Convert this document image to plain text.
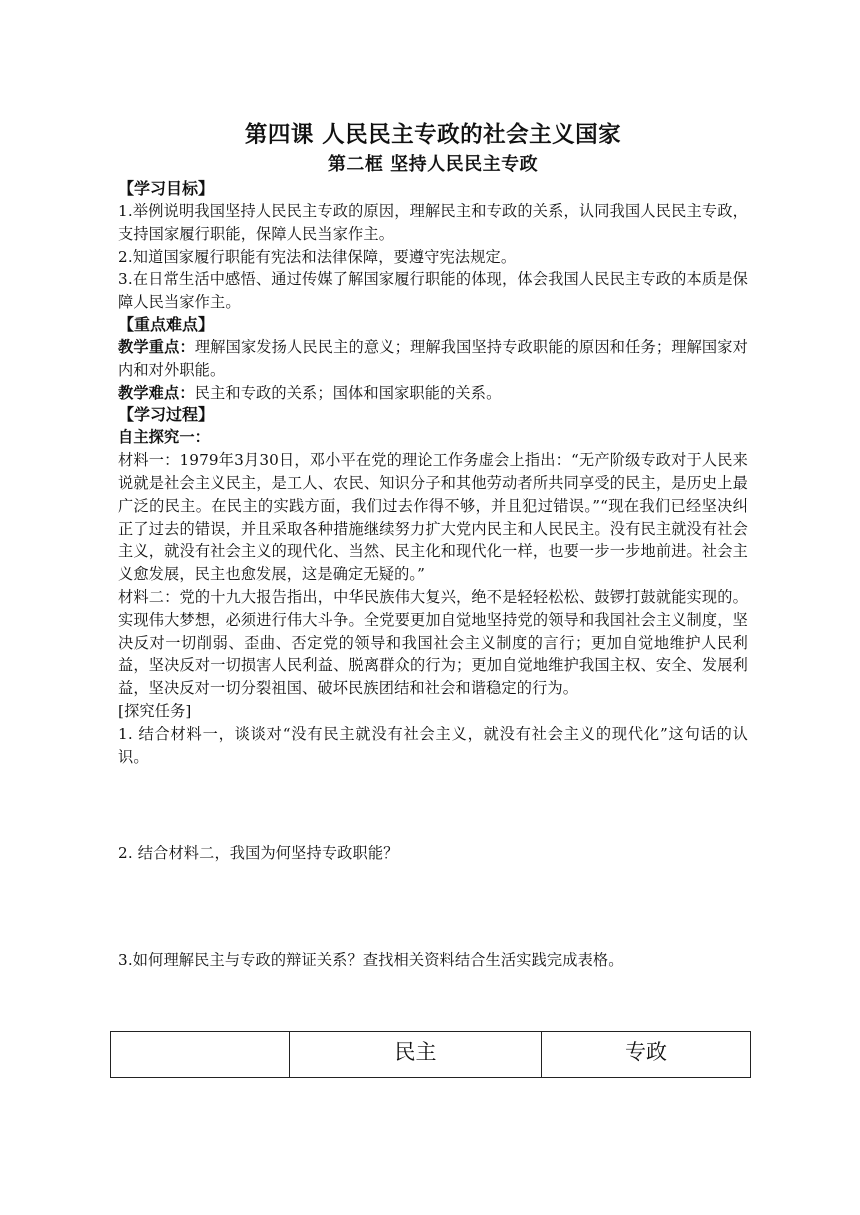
第四课 人民民主专政的社会主义国家
第二框 坚持人民民主专政

【学习目标】

1.举例说明我国坚持人民民主专政的原因，理解民主和专政的关系，认同我国人民民主专政，支持国家履行职能，保障人民当家作主。

2.知道国家履行职能有宪法和法律保障，要遵守宪法规定。

3.在日常生活中感悟、通过传媒了解国家履行职能的体现，体会我国人民民主专政的本质是保障人民当家作主。

【重点难点】

教学重点：理解国家发扬人民民主的意义；理解我国坚持专政职能的原因和任务；理解国家对内和对外职能。

教学难点：民主和专政的关系；国体和国家职能的关系。

【学习过程】

自主探究一：

材料一：1979年3月30日，邓小平在党的理论工作务虚会上指出：“无产阶级专政对于人民来说就是社会主义民主，是工人、农民、知识分子和其他劳动者所共同享受的民主，是历史上最广泛的民主。在民主的实践方面，我们过去作得不够，并且犯过错误。”“现在我们已经坚决纠正了过去的错误，并且采取各种措施继续努力扩大党内民主和人民民主。没有民主就没有社会主义，就没有社会主义的现代化、当然、民主化和现代化一样，也要一步一步地前进。社会主义愈发展，民主也愈发展，这是确定无疑的。”

材料二：党的十九大报告指出，中华民族伟大复兴，绝不是轻轻松松、鼓锣打鼓就能实现的。实现伟大梦想，必须进行伟大斗争。全党要更加自觉地坚持党的领导和我国社会主义制度，坚决反对一切削弱、歪曲、否定党的领导和我国社会主义制度的言行；更加自觉地维护人民利益，坚决反对一切损害人民利益、脱离群众的行为；更加自觉地维护我国主权、安全、发展利益，坚决反对一切分裂祖国、破坏民族团结和社会和谐稳定的行为。

[探究任务]

1. 结合材料一，谈谈对“没有民主就没有社会主义，就没有社会主义的现代化”这句话的认识。

2. 结合材料二，我国为何坚持专政职能？

3.如何理解民主与专政的辩证关系？查找相关资料结合生活实践完成表格。

	民主	专政
